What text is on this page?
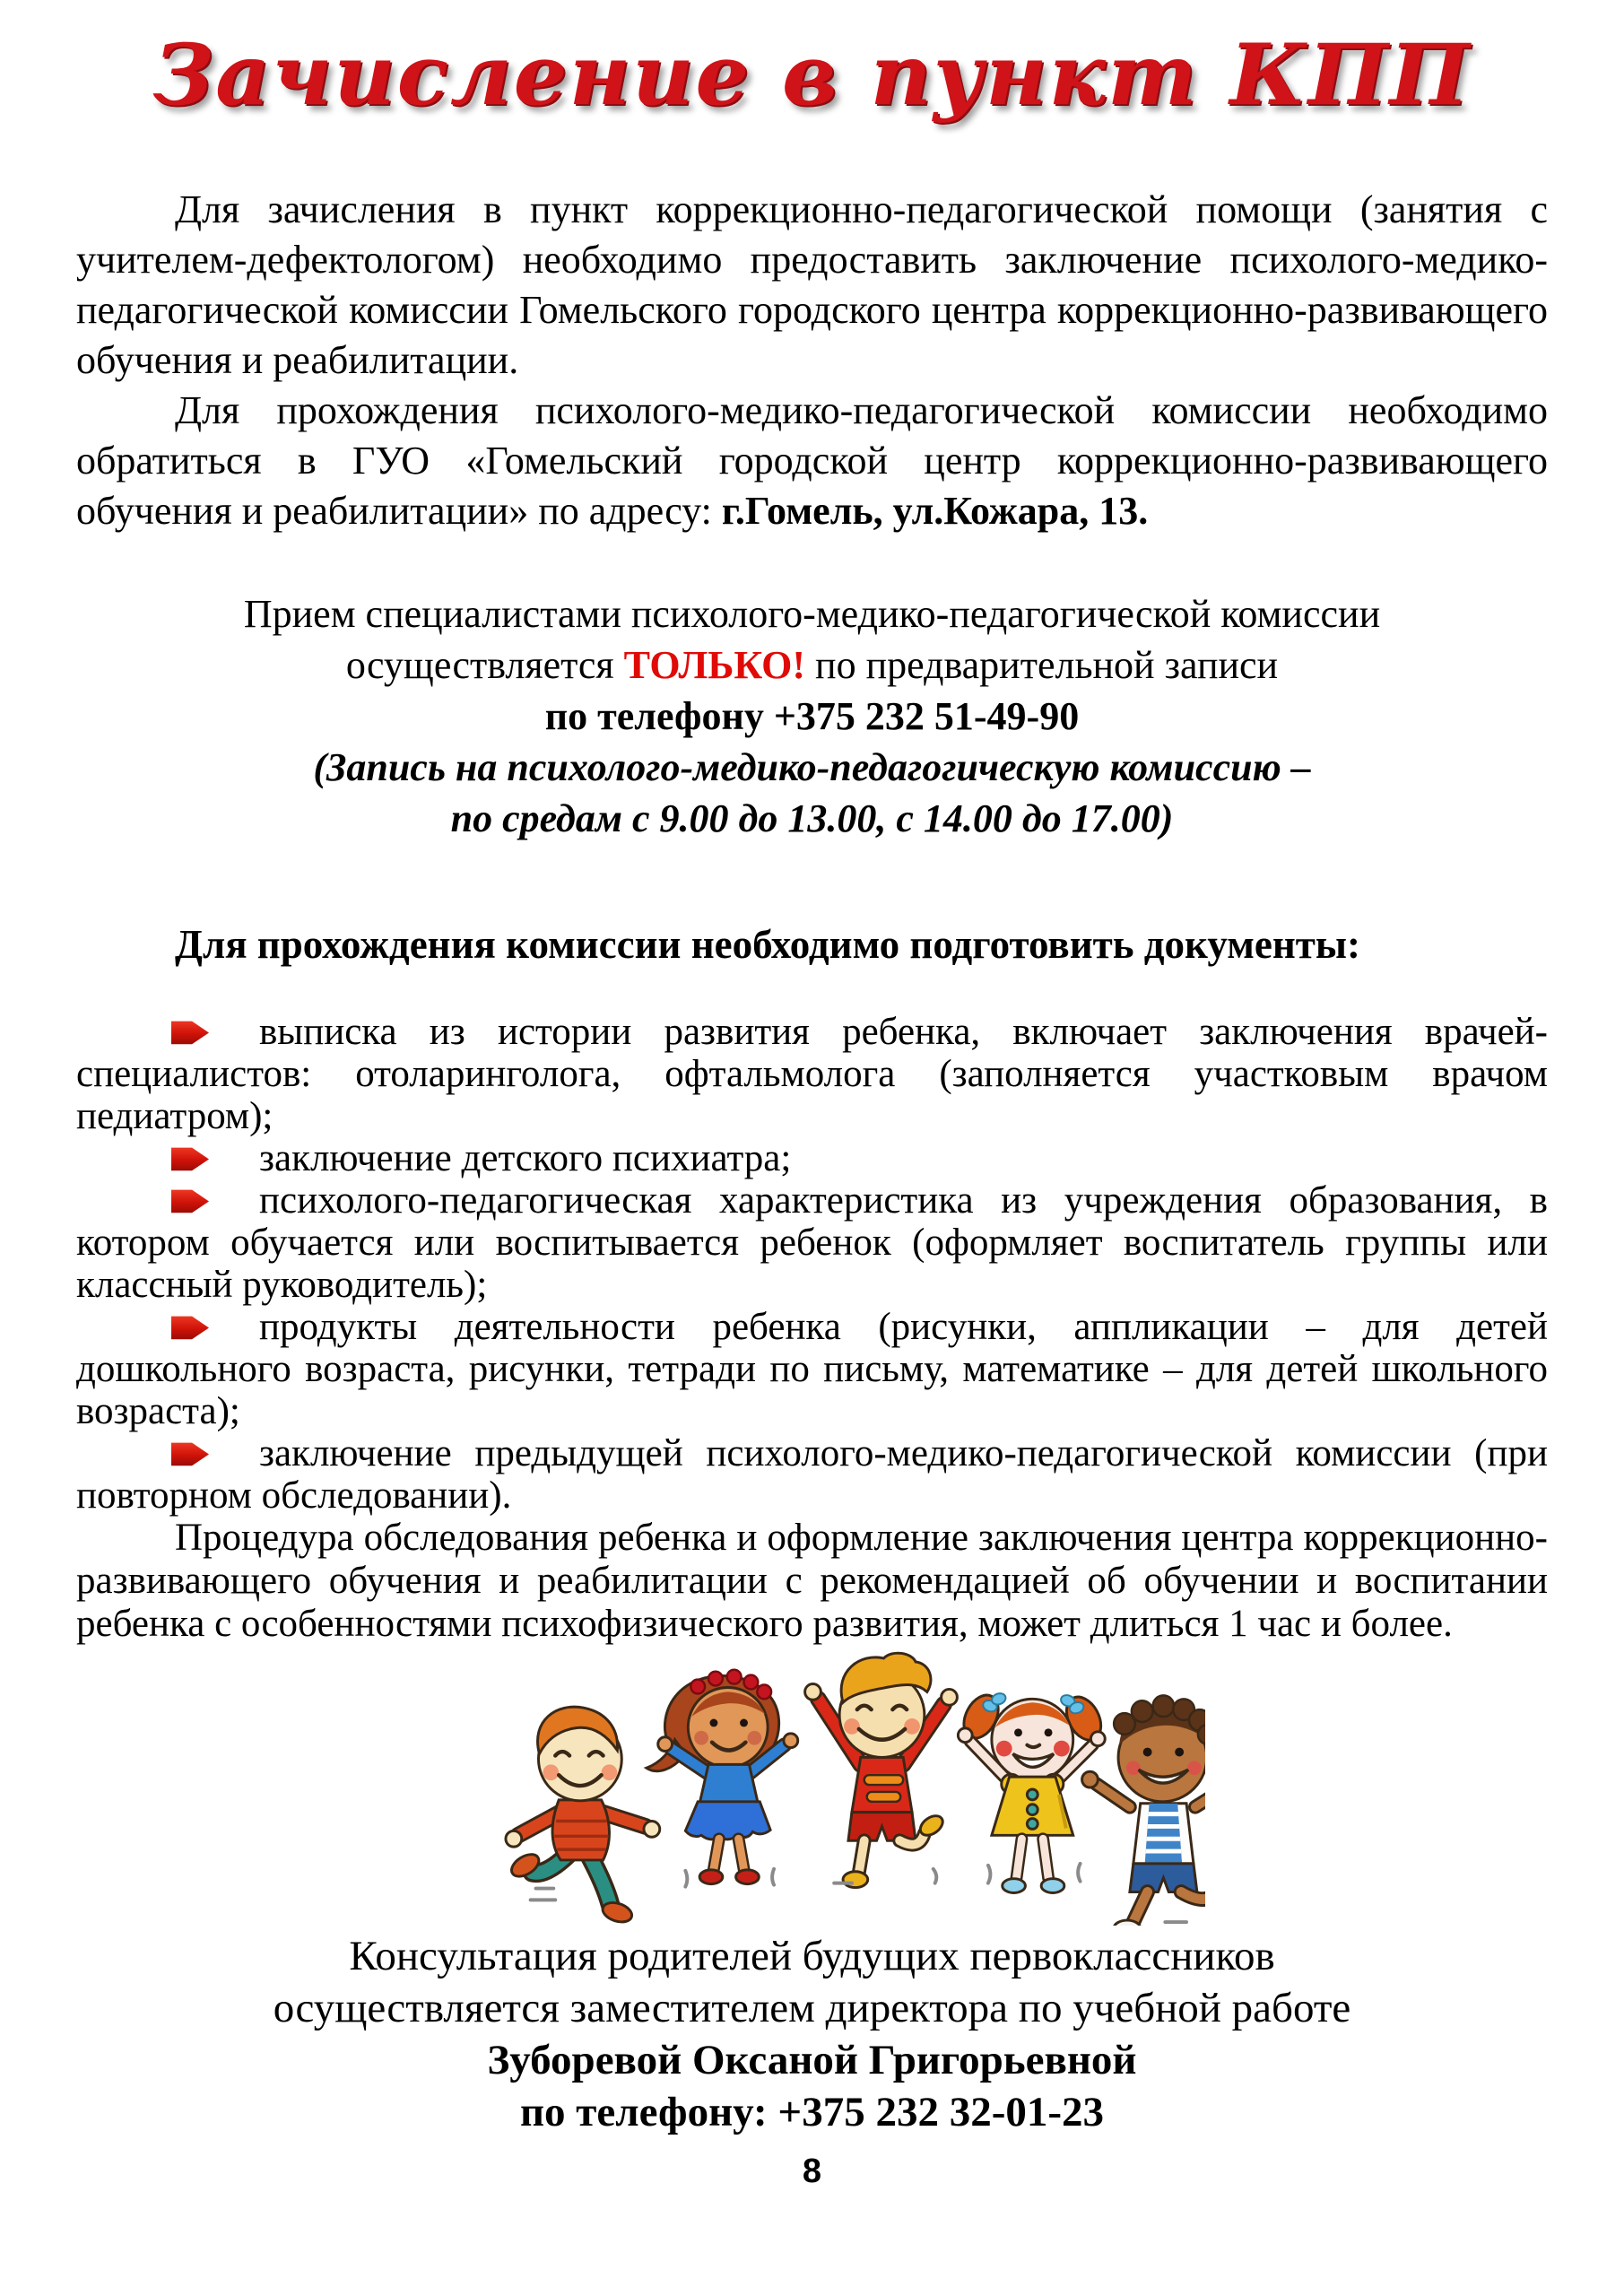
Зачисление в пункт КПП

Для зачисления в пункт коррекционно-педагогической помощи (занятия с учителем-дефектологом) необходимо предоставить заключение психолого-медико-педагогической комиссии Гомельского городского центра коррекционно-развивающего обучения и реабилитации.

Для прохождения психолого-медико-педагогической комиссии необходимо обратиться в ГУО «Гомельский городской центр коррекционно-развивающего обучения и реабилитации» по адресу: г.Гомель, ул.Кожара, 13.

Прием специалистами психолого-медико-педагогической комиссии
осуществляется ТОЛЬКО! по предварительной записи
по телефону +375 232 51-49-90
(Запись на психолого-медико-педагогическую комиссию –
по средам с 9.00 до 13.00, с 14.00 до 17.00)

Для прохождения комиссии необходимо подготовить документы:

выписка из истории развития ребенка, включает заключения врачей-специалистов: отоларинголога, офтальмолога (заполняется участковым врачом педиатром);

заключение детского психиатра;

психолого-педагогическая характеристика из учреждения образования, в котором обучается или воспитывается ребенок (оформляет воспитатель группы или классный руководитель);

продукты деятельности ребенка (рисунки, аппликации – для детей дошкольного возраста, рисунки, тетради по письму, математике – для детей школьного возраста);

заключение предыдущей психолого-медико-педагогической комиссии (при повторном обследовании).

Процедура обследования ребенка и оформление заключения центра коррекционно-развивающего обучения и реабилитации с рекомендацией об обучении и воспитании ребенка с особенностями психофизического развития, может длиться 1 час и более.

Консультация родителей будущих первоклассников
осуществляется заместителем директора по учебной работе
Зуборевой Оксаной Григорьевной
по телефону: +375 232 32-01-23
8
